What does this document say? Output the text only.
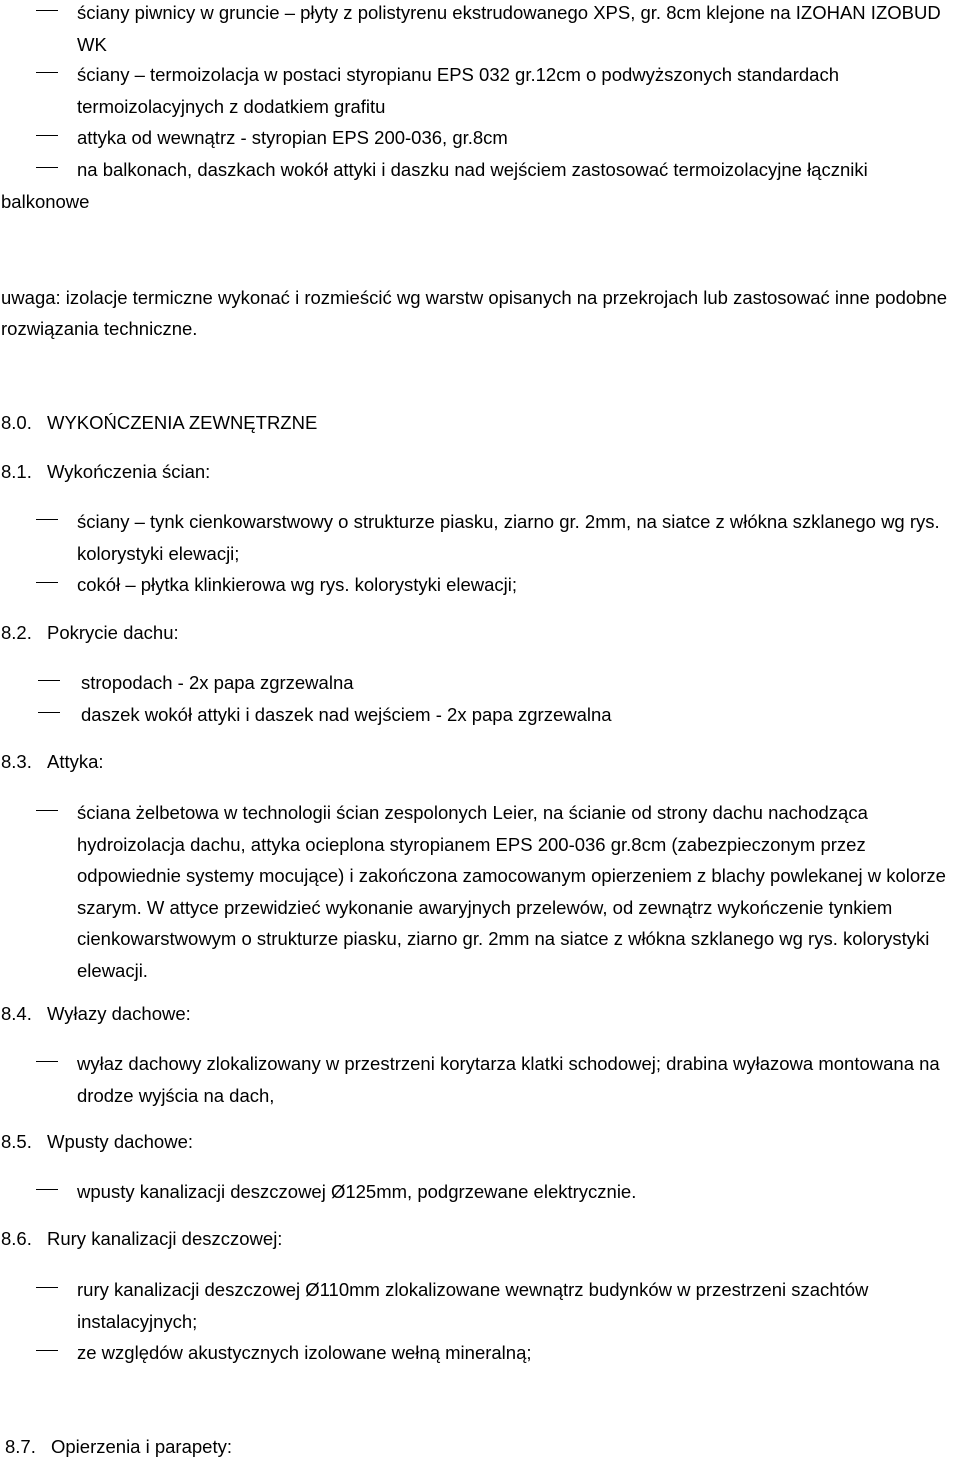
ściany piwnicy w gruncie – płyty z polistyrenu ekstrudowanego XPS, gr. 8cm klejone na IZOHAN IZOBUD WK
ściany – termoizolacja w postaci styropianu EPS 032 gr.12cm o podwyższonych standardach termoizolacyjnych z dodatkiem grafitu
attyka od wewnątrz - styropian EPS 200-036, gr.8cm
na balkonach, daszkach wokół attyki i daszku nad wejściem zastosować termoizolacyjne łączniki balkonowe
uwaga: izolacje termiczne wykonać i rozmieścić wg warstw opisanych na przekrojach lub zastosować inne podobne rozwiązania techniczne.
8.0. WYKOŃCZENIA ZEWNĘTRZNE
8.1. Wykończenia ścian:
ściany – tynk cienkowarstwowy o strukturze piasku, ziarno gr. 2mm, na siatce z włókna szklanego wg rys. kolorystyki elewacji;
cokół – płytka klinkierowa wg rys. kolorystyki elewacji;
8.2. Pokrycie dachu:
stropodach - 2x papa zgrzewalna
daszek wokół attyki i daszek nad wejściem - 2x papa zgrzewalna
8.3. Attyka:
ściana żelbetowa w technologii ścian zespolonych Leier, na ścianie od strony dachu nachodząca hydroizolacja dachu, attyka ocieplona styropianem EPS 200-036 gr.8cm (zabezpieczonym przez odpowiednie systemy mocujące) i zakończona zamocowanym opierzeniem z blachy powlekanej w kolorze szarym. W attyce przewidzieć wykonanie awaryjnych przelewów, od zewnątrz wykończenie tynkiem cienkowarstwowym o strukturze piasku, ziarno gr. 2mm na siatce z włókna szklanego wg rys. kolorystyki elewacji.
8.4. Wyłazy dachowe:
wyłaz dachowy zlokalizowany w przestrzeni korytarza klatki schodowej; drabina wyłazowa montowana na drodze wyjścia na dach,
8.5. Wpusty dachowe:
wpusty kanalizacji deszczowej Ø125mm, podgrzewane elektrycznie.
8.6. Rury kanalizacji deszczowej:
rury kanalizacji deszczowej Ø110mm zlokalizowane wewnątrz budynków w przestrzeni szachtów instalacyjnych;
ze względów akustycznych izolowane wełną mineralną;
8.7. Opierzenia i parapety:
